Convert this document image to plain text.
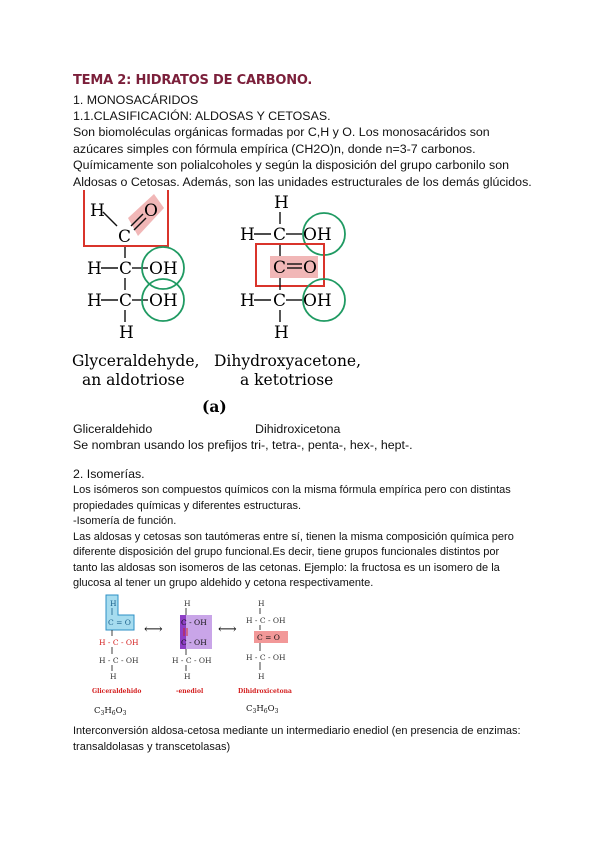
TEMA 2: HIDRATOS DE CARBONO.
1. MONOSACÁRIDOS
1.1.CLASIFICACIÓN: ALDOSAS Y CETOSAS.
Son biomoléculas orgánicas formadas por C,H y O. Los monosacáridos son
azúcares simples con fórmula empírica (CH2O)n, donde n=3-7 carbonos.
Químicamente son polialcoholes y según la disposición del grupo carbonilo son
Aldosas o Cetosas. Además, son las unidades estructurales de los demás glúcidos.
H
C
O
H C OH
H C OH
H
H
H C OH
C O
H C OH
H
Glyceraldehyde,
an aldotriose
Dihydroxyacetone,
a ketotriose
(a)
Gliceraldehido	Dihidroxicetona
Se nombran usando los prefijos tri-, tetra-, penta-, hex-, hept-.
2. Isomerías.
Los isómeros son compuestos químicos con la misma fórmula empírica pero con distintas
propiedades químicas y diferentes estructuras.
-Isomería de función.
Las aldosas y cetosas son tautómeras entre sí, tienen la misma composición química pero
diferente disposición del grupo funcional.Es decir, tiene grupos funcionales distintos por
tanto las aldosas son isomeros de las cetonas. Ejemplo: la fructosa es un isomero de la
glucosa al tener un grupo aldehido y cetona respectivamente.
H
C = O
H - C - OH
H - C - OH
H
Gliceraldehido
⟷
H
C - OH
C - OH
H - C - OH
H
-enediol
⟷
H
H - C - OH
C = O
H - C - OH
H
Dihidroxicetona
$C_3H_6O_3$	$C_3H_6O_3$
Interconversión aldosa-cetosa mediante un intermediario enediol (en presencia de enzimas:
transaldolasas y transcetolasas)
